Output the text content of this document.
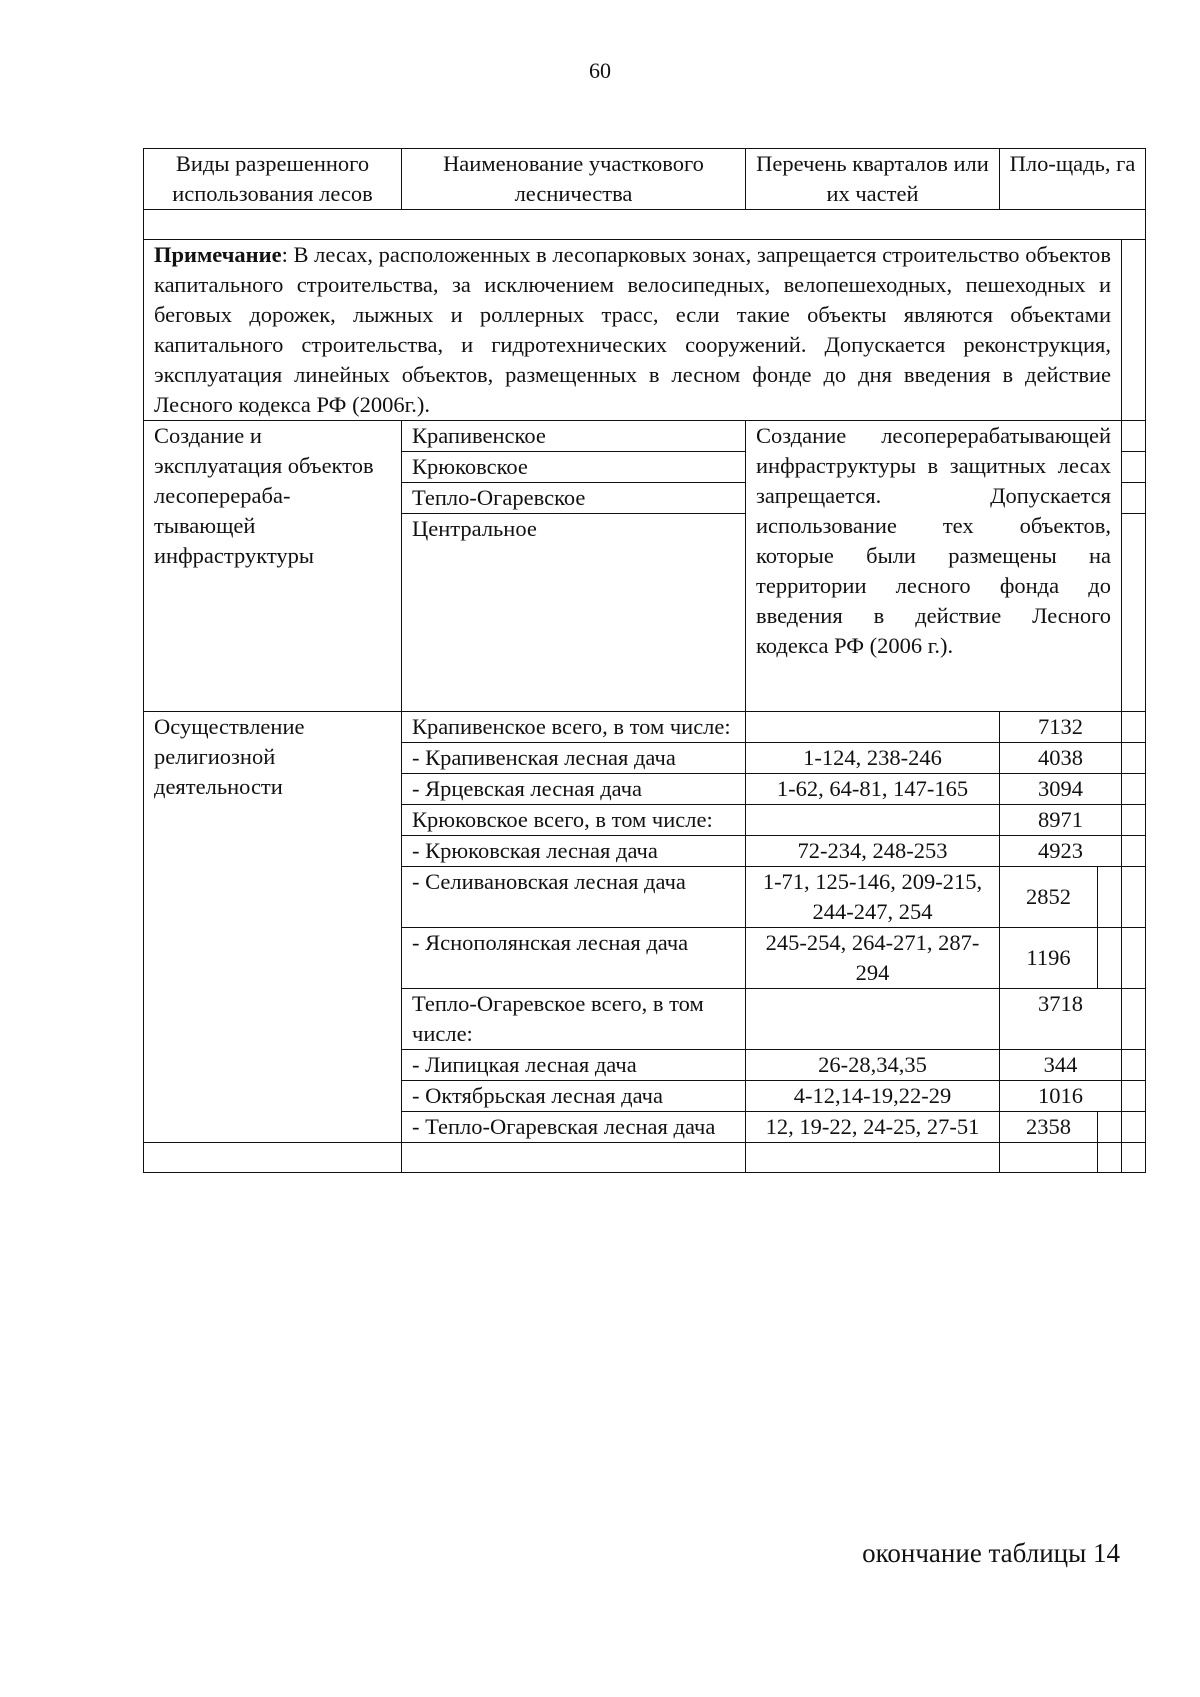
60
Виды разрешенного использования лесов	Наименование участкового лесничества	Перечень кварталов или их частей	Пло-щадь, га		

Примечание: В лесах, расположенных в лесопарковых зонах, запрещается строительство объектов капитального строительства, за исключением велосипедных, велопешеходных, пешеходных и беговых дорожек, лыжных и роллерных трасс, если такие объекты являются объектами капитального строительства, и гидротехнических сооружений. Допускается реконструкция, эксплуатация линейных объектов, размещенных в лесном фонде до дня введения в действие Лесного кодекса РФ (2006г.).					
Создание и эксплуатация объектов лесоперераба-тывающей инфраструктуры	Крапивенское	Создание лесоперерабатывающей инфраструктуры в защитных лесах запрещается. Допускается использование тех объектов, которые были размещены на территории лесного фонда до введения в действие Лесного кодекса РФ (2006 г.).			
	Крюковское				
	Тепло-Огаревское				
	Центральное				
Осуществление религиозной деятельности	Крапивенское всего, в том числе:		7132		
	- Крапивенская лесная дача	1-124, 238-246	4038		
	- Ярцевская лесная дача	1-62, 64-81, 147-165	3094		
	Крюковское всего, в том числе:		8971		
	- Крюковская лесная дача	72-234, 248-253	4923		
	- Селивановская лесная дача	1-71, 125-146, 209-215, 244-247, 254	2852		
	- Яснополянская лесная дача	245-254, 264-271, 287-294	1196		
	Тепло-Огаревское всего, в том числе:		3718		
	- Липицкая лесная дача	26-28,34,35	344		
	- Октябрьская лесная дача	4-12,14-19,22-29	1016		
	- Тепло-Огаревская лесная дача	12, 19-22, 24-25, 27-51	2358		

окончание таблицы 14
